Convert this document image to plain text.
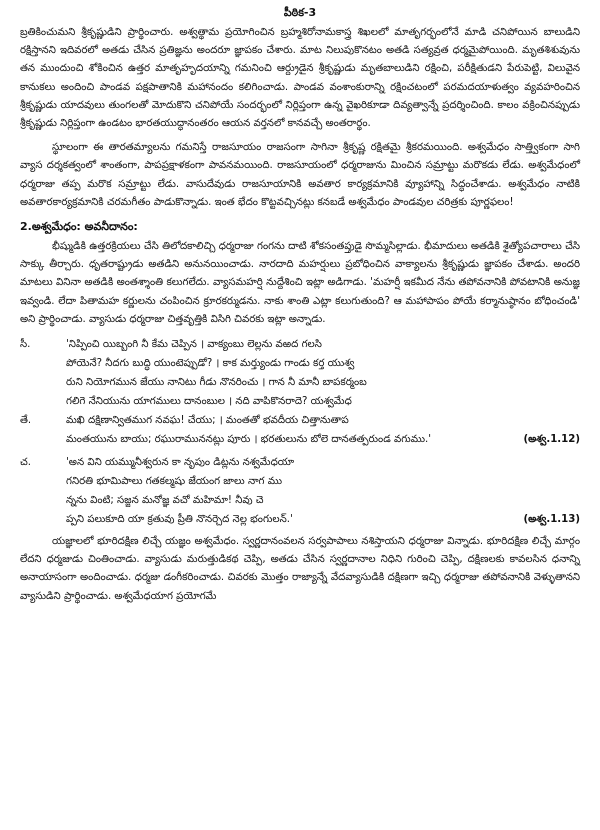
పీఠిక-3

బ్రతికించుమని శ్రీకృష్ణుడిని ప్రార్థించారు. అశ్వత్థామ ప్రయోగించిన బ్రహ్మశిరోనామకాస్త్ర శిఖలలో మాతృగర్భంలోనే మాడి చనిపోయిన బాలుడిని రక్షిస్తానని ఇదివరలో అతడు చేసిన ప్రతిజ్ఞను అందరూ జ్ఞాపకం చేశారు. మాట నిలుపుకొనటం అతడి సత్యవ్రత ధర్మమైపోయింది. మృతశిశువును తన ముందుంచి శోకించిన ఉత్తర మాతృహృదయాన్ని గమనించి ఆర్ద్రుడైన శ్రీకృష్ణుడు మృతబాలుడిని రక్షించి, పరీక్షితుడని పేరుపెట్టి, విలువైన కానుకలు అందించి పాండవ పక్షపాతానికి మహానందం కలిగించాడు. పాండవ వంశాంకురాన్ని రక్షించటంలో పరమదయాళుత్వం వ్యవహరించిన శ్రీకృష్ణుడు యాదవులు తుంగలతో మోదుకొని చనిపోయే సందర్భంలో నిర్లిప్తంగా ఉన్న వైఖరికూడా దివ్యత్వాన్నే ప్రదర్శించింది. కాలం వక్రించినప్పుడు శ్రీకృష్ణుడు నిర్లిప్తంగా ఉండటం భారతయుద్ధానంతరం ఆయన వర్తనలో కానవచ్చే అంతరార్థం.

స్థూలంగా ఈ తారతమ్యాలను గమనిస్తే రాజసూయం రాజసంగా సాగినా శ్రీకృష్ణ రక్షితమై శ్రీకరమయింది. అశ్వమేధం సాత్త్వికంగా సాగి వ్యాస దర్శకత్వంలో శాంతంగా, పాపప్రక్షాళకంగా పావనమయింది. రాజసూయంలో ధర్మరాజును మించిన సమ్రాట్టు మరొకడు లేడు. అశ్వమేధంలో ధర్మరాజు తప్ప మరొక సమ్రాట్టు లేడు. వాసుదేవుడు రాజసూయానికి అవతార కార్యక్రమానికి వ్యూహాన్ని సిద్ధంచేశాడు. అశ్వమేధం నాటికి అవతారకార్యక్రమానికి చరమగీతం పాడుకొన్నాడు. ఇంత భేదం కొట్టవచ్చినట్లు కనబడే అశ్వమేధం పాండవుల చరిత్రకు పూర్ణఫలం!

2.అశ్వమేధం: అవనీదానం:

భీష్ముడికి ఉత్తరక్రియలు చేసి తిలోదకాలిచ్చి ధర్మరాజు గంగను దాటి శోకసంతప్తుడై సొమ్మసిల్లాడు. భీమాదులు అతడికి శైత్యోపచారాలు చేసి సాక్కు తీర్చారు. ధృతరాష్ట్రుడు అతడిని అనునయించాడు. నారదాది మహర్షులు ప్రబోధించిన వాక్యాలను శ్రీకృష్ణుడు జ్ఞాపకం చేశాడు. అందరి మాటలు వినినా అతడికి అంతశ్శాంతి కలుగలేదు. వ్యాసమహర్షి నుద్దేశించి ఇట్లా అడిగాడు. 'మహర్షీ ఇకమీద నేను తపోవనానికి పోవటానికి అనుజ్ఞ ఇవ్వండి. లేదా పితామహ కర్ణులను చంపించిన క్రూరకర్ముడను. నాకు శాంతి ఎట్లా కలుగుతుంది? ఆ మహాపాపం పోయే కర్మానుష్ఠానం బోధించండి' అని ప్రార్థించాడు. వ్యాసుడు ధర్మరాజు చిత్తవృత్తికి విసిగి చివరకు ఇట్లా అన్నాడు.

సీ.	'నిప్పించి యిబ్బంగి నీ కేమ చెప్పిన । వాక్యంబు లెల్లను వఱద గలసి
పోయెనే? నీదగు బుద్ధి యుంటెప్పుడో? । కాక మర్త్యుండు గాండు కర్త యుశ్వ
రుని నియోగమున జేయు నానిటు గీడు నొనరించు । గాన నీ మానీ బాపకర్మంబ
గలిగె నేనియును యాగములు దానంబుల । నది వాపికొనరాదె? యశ్వమేధ
తే.	మఖి దక్షిణాన్వితముగ నవఘ! చేయు; । మంతతో భవదీయ చిత్తానుతాప
మంతయును బాయు; రఘురాముననట్లు పూరు । భరతులును బోలె దానతత్పరుండ వగుము.'	(అశ్వ.1.12)
చ.	'అన విని యమ్మునీశ్వరున కా నృపుం డిట్లను నశ్వమేధయా
గనిరతి భూమిపాలు గతకల్మషు జేయంగ జాలు నాగ ము
న్నను వింటి; సజ్జన మనోజ్ఞ వచో మహిమా! నీవు చె
ప్పని పలుకూది యా క్రతువు ప్రీతి నొనర్చెద నెల్ల భంగులన్.'	(అశ్వ.1.13)

యజ్ఞాలలో భూరిదక్షిణ లిచ్చే యజ్ఞం అశ్వమేధం. స్వర్ణదానంవలన సర్వపాపాలు నశిస్తాయని ధర్మరాజు విన్నాడు. భూరిదక్షిణ లిచ్చే మార్గం లేదని ధర్మజుడు చింతించాడు. వ్యాసుడు మరుత్తుడికథ చెప్పి, అతడు చేసిన స్వర్ణదానాల నిధిని గురించి చెప్పి, దక్షిణలకు కావలసిన ధనాన్ని అనాయాసంగా అందించాడు. ధర్మజు డంగీకరించాడు. చివరకు మొత్తం రాజ్యాన్నే వేదవ్యాసుడికి దక్షిణగా ఇచ్చి ధర్మరాజు తపోవనానికి వెళ్ళుతానని వ్యాసుడిని ప్రార్థించాడు. అశ్వమేధయాగ ప్రయోగమే
